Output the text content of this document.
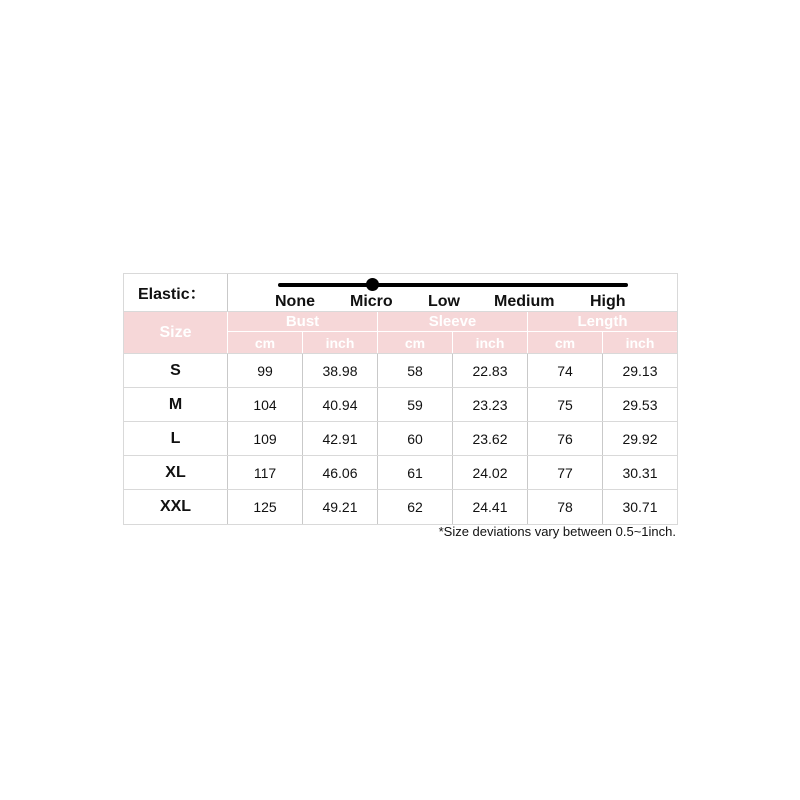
Elastic：	None Micro Low Medium High
Size
Bust
cm	inch
Sleeve
cm	inch
Length
cm	inch
S	99	38.98	58	22.83	74	29.13
M	104	40.94	59	23.23	75	29.53
L	109	42.91	60	23.62	76	29.92
XL	117	46.06	61	24.02	77	30.31
XXL	125	49.21	62	24.41	78	30.71
*Size deviations vary between 0.5~1inch.
